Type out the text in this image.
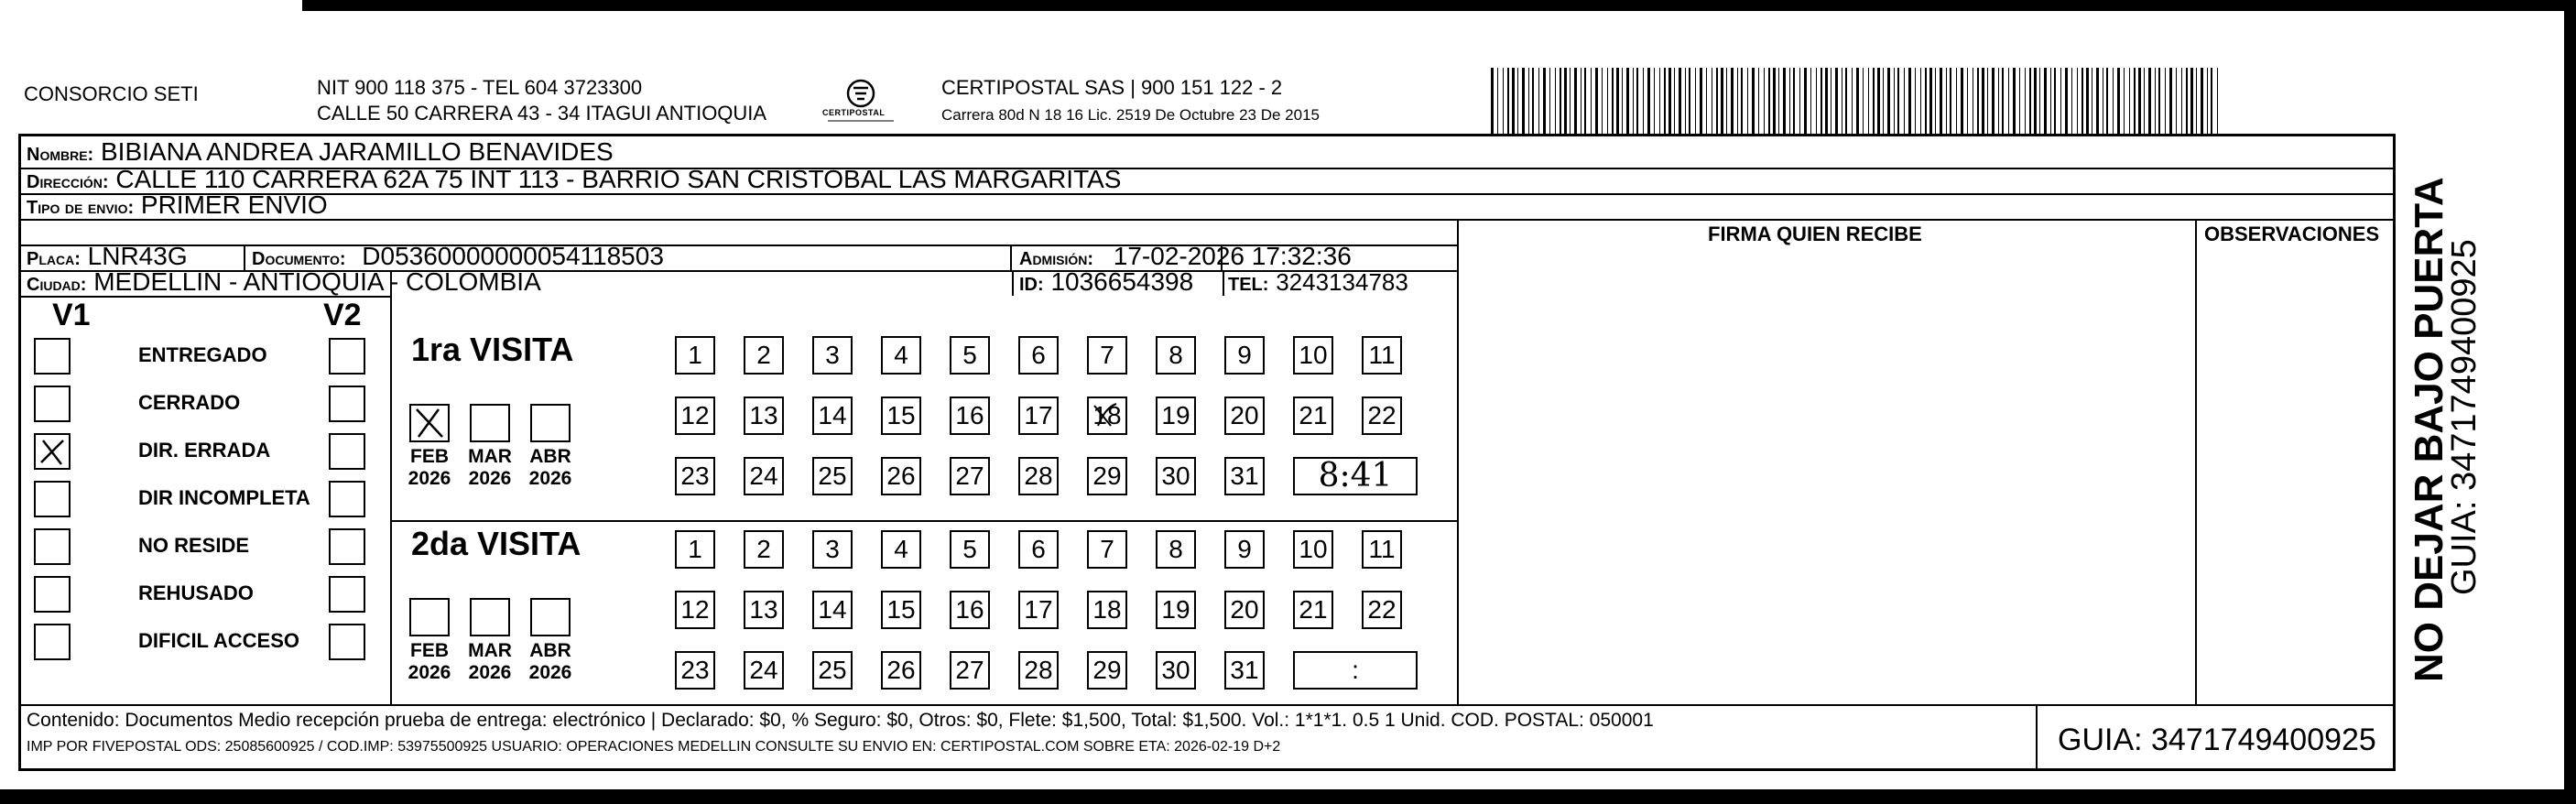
CONSORCIO SETI	NIT 900 118 375 - TEL 604 3723300
CALLE 50 CARRERA 43 - 34 ITAGUI ANTIOQUIA	CERTIPOSTAL
CERTIPOSTAL SAS | 900 151 122 - 2
Carrera 80d N 18 16 Lic. 2519 De Octubre 23 De 2015
Nombre: BIBIANA ANDREA JARAMILLO BENAVIDES
Dirección: CALLE 110 CARRERA 62A 75 INT 113 - BARRIO SAN CRISTOBAL LAS MARGARITAS
Tipo de envio: PRIMER ENVIO
FIRMA QUIEN RECIBE	OBSERVACIONES
Placa: LNR43G	Documento: D05360000000054118503	Admisión: 17-02-2026 17:32:36
Ciudad: MEDELLIN - ANTIOQUIA - COLOMBIA	ID: 1036654398 TEL: 3243134783
V1	V2
ENTREGADO
CERRADO
DIR. ERRADA
DIR INCOMPLETA
NO RESIDE
REHUSADO
DIFICIL ACCESO
1ra VISITA
2da VISITA
FEB
2026
MAR
2026
ABR
2026
1	2	3	4	5	6	7	8	9	10 11
12 13 14 15 16 17 18 19 20 21 22
23 24 25 26 27 28 29 30 31	8:41
FEB
2026
MAR
2026
ABR
2026
1	2	3	4	5	6	7	8	9	10 11
12 13 14 15 16 17 18 19 20 21 22
23 24 25 26 27 28 29 30 31	:
Contenido: Documentos Medio recepción prueba de entrega: electrónico | Declarado: $0, % Seguro: $0, Otros: $0, Flete: $1,500, Total: $1,500. Vol.: 1*1*1. 0.5 1 Unid. COD. POSTAL: 050001
IMP POR FIVEPOSTAL ODS: 25085600925 / COD.IMP: 53975500925 USUARIO: OPERACIONES MEDELLIN CONSULTE SU ENVIO EN: CERTIPOSTAL.COM SOBRE ETA: 2026-02-19 D+2	GUIA: 3471749400925
NO DEJAR BAJO PUERTA
GUIA: 3471749400925
